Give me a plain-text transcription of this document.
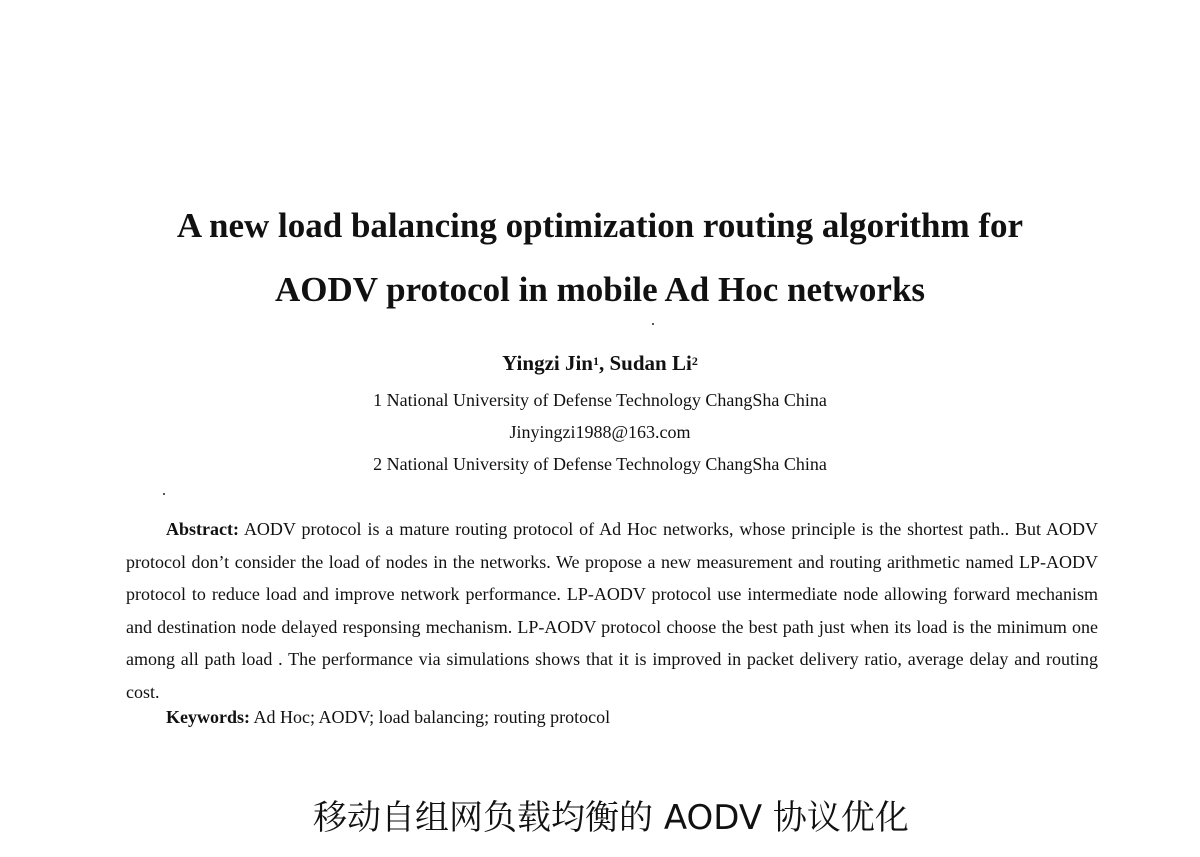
A new load balancing optimization routing algorithm for
AODV protocol in mobile Ad Hoc networks
Yingzi Jin$^1$, Sudan Li$^2$
1 National University of Defense Technology ChangSha China
Jinyingzi1988@163.com
2 National University of Defense Technology ChangSha China
Abstract: AODV protocol is a mature routing protocol of Ad Hoc networks, whose principle is the shortest path.. But AODV protocol don’t consider the load of nodes in the networks. We propose a new measurement and routing arithmetic named LP-AODV protocol to reduce load and improve network performance. LP-AODV protocol use intermediate node allowing forward mechanism and destination node delayed responsing mechanism. LP-AODV protocol choose the best path just when its load is the minimum one among all path load . The performance via simulations shows that it is improved in packet delivery ratio, average delay and routing cost.
Keywords: Ad Hoc; AODV; load balancing; routing protocol
移动自组网负载均衡的 AODV 协议优化
